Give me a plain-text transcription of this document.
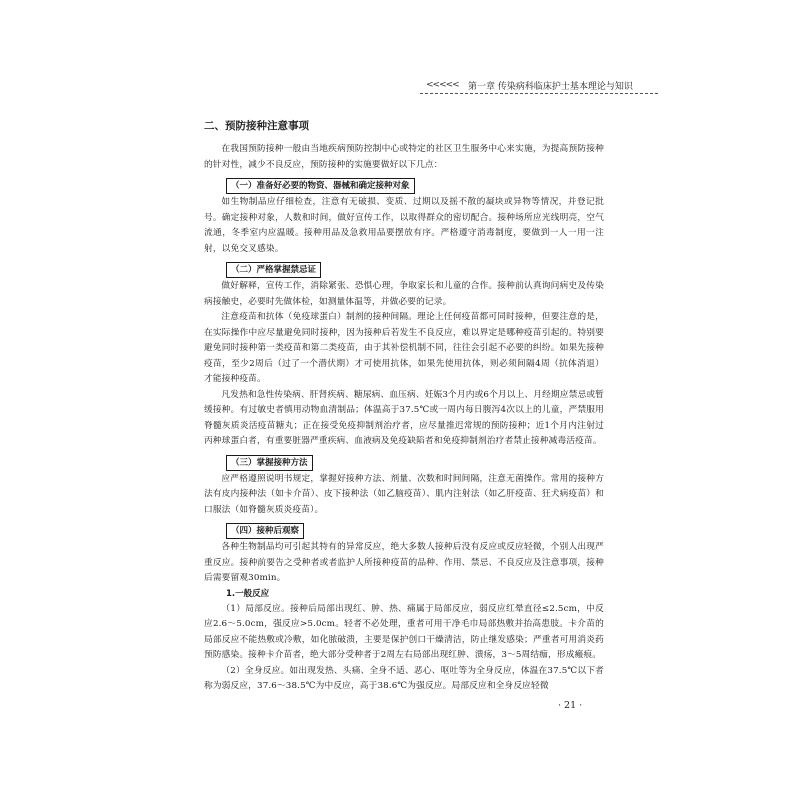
<<<<< 第一章 传染病科临床护士基本理论与知识
二、预防接种注意事项

在我国预防接种一般由当地疾病预防控制中心或特定的社区卫生服务中心来实施，为提高预防接种的针对性，减少不良反应，预防接种的实施要做好以下几点：

（一）准备好必要的物资、器械和确定接种对象

如生物制品应仔细检查，注意有无破损、变质、过期以及摇不散的凝块或异物等情况，并登记批号。确定接种对象，人数和时间，做好宣传工作，以取得群众的密切配合。接种场所应光线明亮，空气流通，冬季室内应温暖。接种用品及急救用品要摆放有序。严格遵守消毒制度，要做到一人一用一注射，以免交叉感染。

（二）严格掌握禁忌证

做好解释，宣传工作，消除紧张、恐惧心理，争取家长和儿童的合作。接种前认真询问病史及传染病接触史，必要时先做体检，如测量体温等，并做必要的记录。

注意疫苗和抗体（免疫球蛋白）制剂的接种间隔。理论上任何疫苗都可同时接种，但要注意的是，在实际操作中应尽量避免同时接种，因为接种后若发生不良反应，难以界定是哪种疫苗引起的。特别要避免同时接种第一类疫苗和第二类疫苗，由于其补偿机制不同，往往会引起不必要的纠纷。如果先接种疫苗，至少2周后（过了一个潜伏期）才可使用抗体，如果先使用抗体，则必须间隔4周（抗体消退）才能接种疫苗。

凡发热和急性传染病、肝肾疾病、糖尿病、血压病、妊娠3个月内或6个月以上、月经期应禁忌或暂缓接种。有过敏史者慎用动物血清制品；体温高于37.5℃或一周内每日腹泻4次以上的儿童，严禁服用脊髓灰质炎活疫苗糖丸；正在接受免疫抑制剂治疗者，应尽量推迟常规的预防接种；近1个月内注射过丙种球蛋白者，有重要脏器严重疾病、血液病及免疫缺陷者和免疫抑制剂治疗者禁止接种减毒活疫苗。

（三）掌握接种方法

应严格遵照说明书规定，掌握好接种方法、剂量、次数和时间间隔，注意无菌操作。常用的接种方法有皮内接种法（如卡介苗）、皮下接种法（如乙脑疫苗）、肌内注射法（如乙肝疫苗、狂犬病疫苗）和口服法（如脊髓灰质炎疫苗）。

（四）接种后观察

各种生物制品均可引起其特有的异常反应，绝大多数人接种后没有反应或反应轻微，个别人出现严重反应。接种前要告之受种者或者监护人所接种疫苗的品种、作用、禁忌、不良反应及注意事项，接种后需要留观30min。

1.一般反应

（1）局部反应。接种后局部出现红、肿、热、痛属于局部反应，弱反应红晕直径≤2.5cm，中反应2.6～5.0cm，强反应>5.0cm。轻者不必处理，重者可用干净毛巾局部热敷并抬高患肢。卡介苗的局部反应不能热敷或冷敷，如化脓破溃，主要是保护创口干燥清洁，防止继发感染；严重者可用消炎药预防感染。接种卡介苗者，绝大部分受种者于2周左右局部出现红肿、溃疡，3～5周结痂，形成瘢痕。

（2）全身反应。如出现发热、头痛、全身不适、恶心、呕吐等为全身反应，体温在37.5℃以下者称为弱反应，37.6～38.5℃为中反应，高于38.6℃为强反应。局部反应和全身反应轻微

· 21 ·
